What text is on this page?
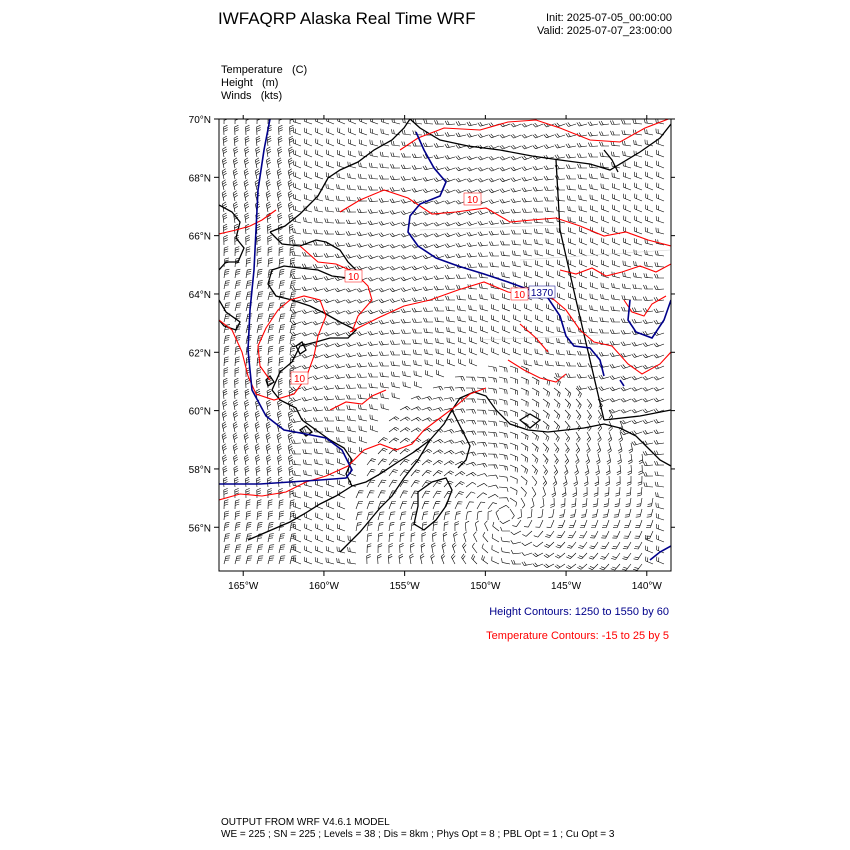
IWFAQRP Alaska Real Time WRF	Init: 2025-07-05_00:00:00
Valid: 2025-07-07_23:00:00
Temperature (C)
Height (m)
Winds (kts)
10
10
10
10 1370
56°N
58°N
60°N
62°N
64°N
66°N
68°N
70°N
165°W	160°W	155°W	150°W	145°W	140°W
Height Contours: 1250 to 1550 by 60
Temperature Contours: -15 to 25 by 5
OUTPUT FROM WRF V4.6.1 MODEL
WE = 225 ; SN = 225 ; Levels = 38 ; Dis = 8km ; Phys Opt = 8 ; PBL Opt = 1 ; Cu Opt = 3
